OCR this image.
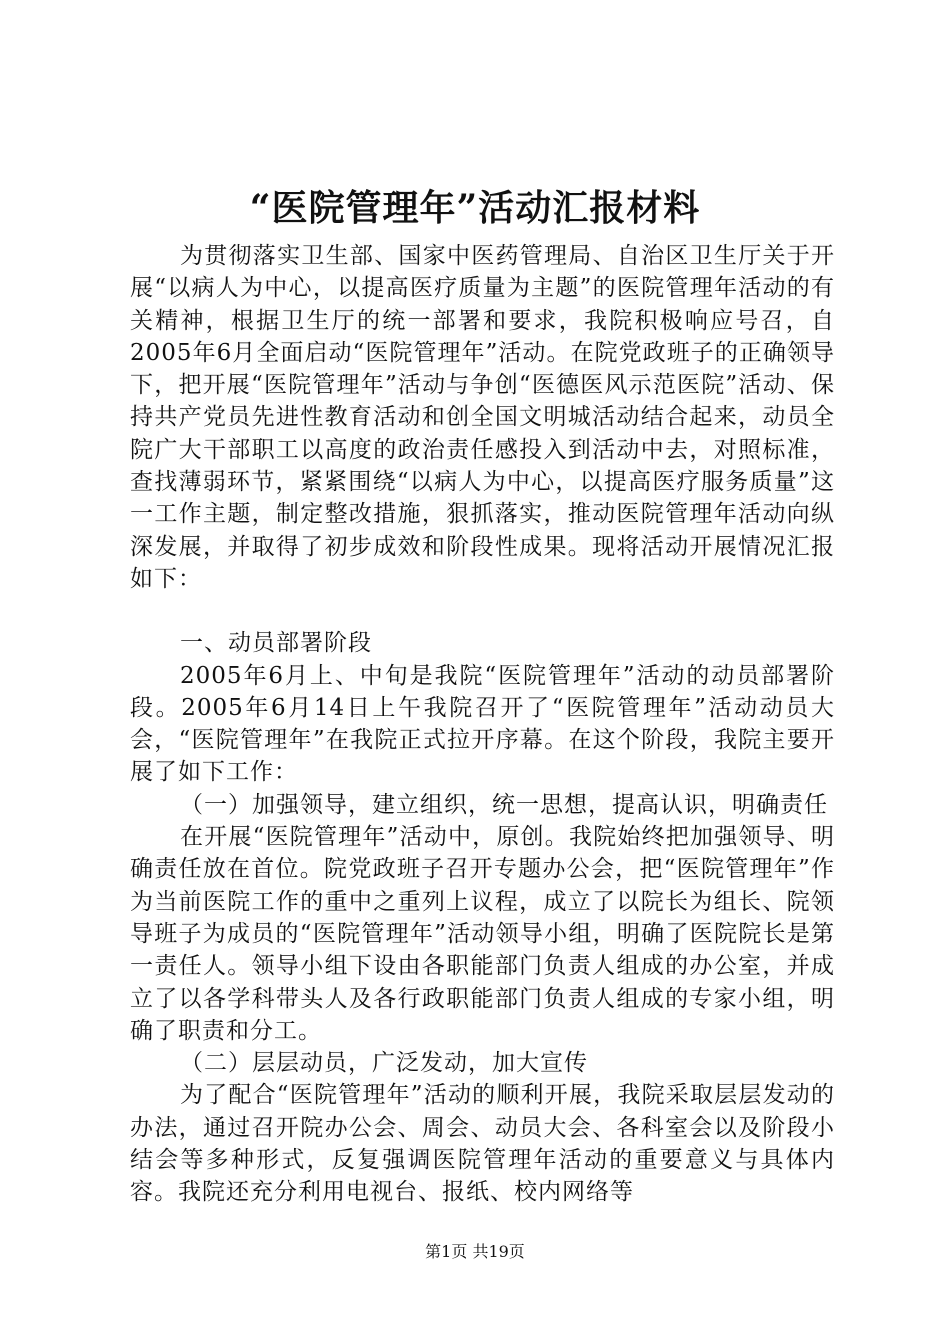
“医院管理年”活动汇报材料

为贯彻落实卫生部、国家中医药管理局、自治区卫生厅关于开展“以病人为中心，以提高医疗质量为主题”的医院管理年活动的有关精神，根据卫生厅的统一部署和要求，我院积极响应号召，自2005年6月全面启动“医院管理年”活动。在院党政班子的正确领导下，把开展“医院管理年”活动与争创“医德医风示范医院”活动、保持共产党员先进性教育活动和创全国文明城活动结合起来，动员全院广大干部职工以高度的政治责任感投入到活动中去，对照标准，查找薄弱环节，紧紧围绕“以病人为中心，以提高医疗服务质量”这一工作主题，制定整改措施，狠抓落实，推动医院管理年活动向纵深发展，并取得了初步成效和阶段性成果。现将活动开展情况汇报如下：

一、动员部署阶段

2005年6月上、中旬是我院“医院管理年”活动的动员部署阶段。2005年6月14日上午我院召开了“医院管理年”活动动员大会，“医院管理年”在我院正式拉开序幕。在这个阶段，我院主要开展了如下工作：

（一）加强领导，建立组织，统一思想，提高认识，明确责任

在开展“医院管理年”活动中，原创。我院始终把加强领导、明确责任放在首位。院党政班子召开专题办公会，把“医院管理年”作为当前医院工作的重中之重列上议程，成立了以院长为组长、院领导班子为成员的“医院管理年”活动领导小组，明确了医院院长是第一责任人。领导小组下设由各职能部门负责人组成的办公室，并成立了以各学科带头人及各行政职能部门负责人组成的专家小组，明确了职责和分工。

（二）层层动员，广泛发动，加大宣传

为了配合“医院管理年”活动的顺利开展，我院采取层层发动的办法，通过召开院办公会、周会、动员大会、各科室会以及阶段小结会等多种形式，反复强调医院管理年活动的重要意义与具体内容。我院还充分利用电视台、报纸、校内网络等

第1页 共19页
